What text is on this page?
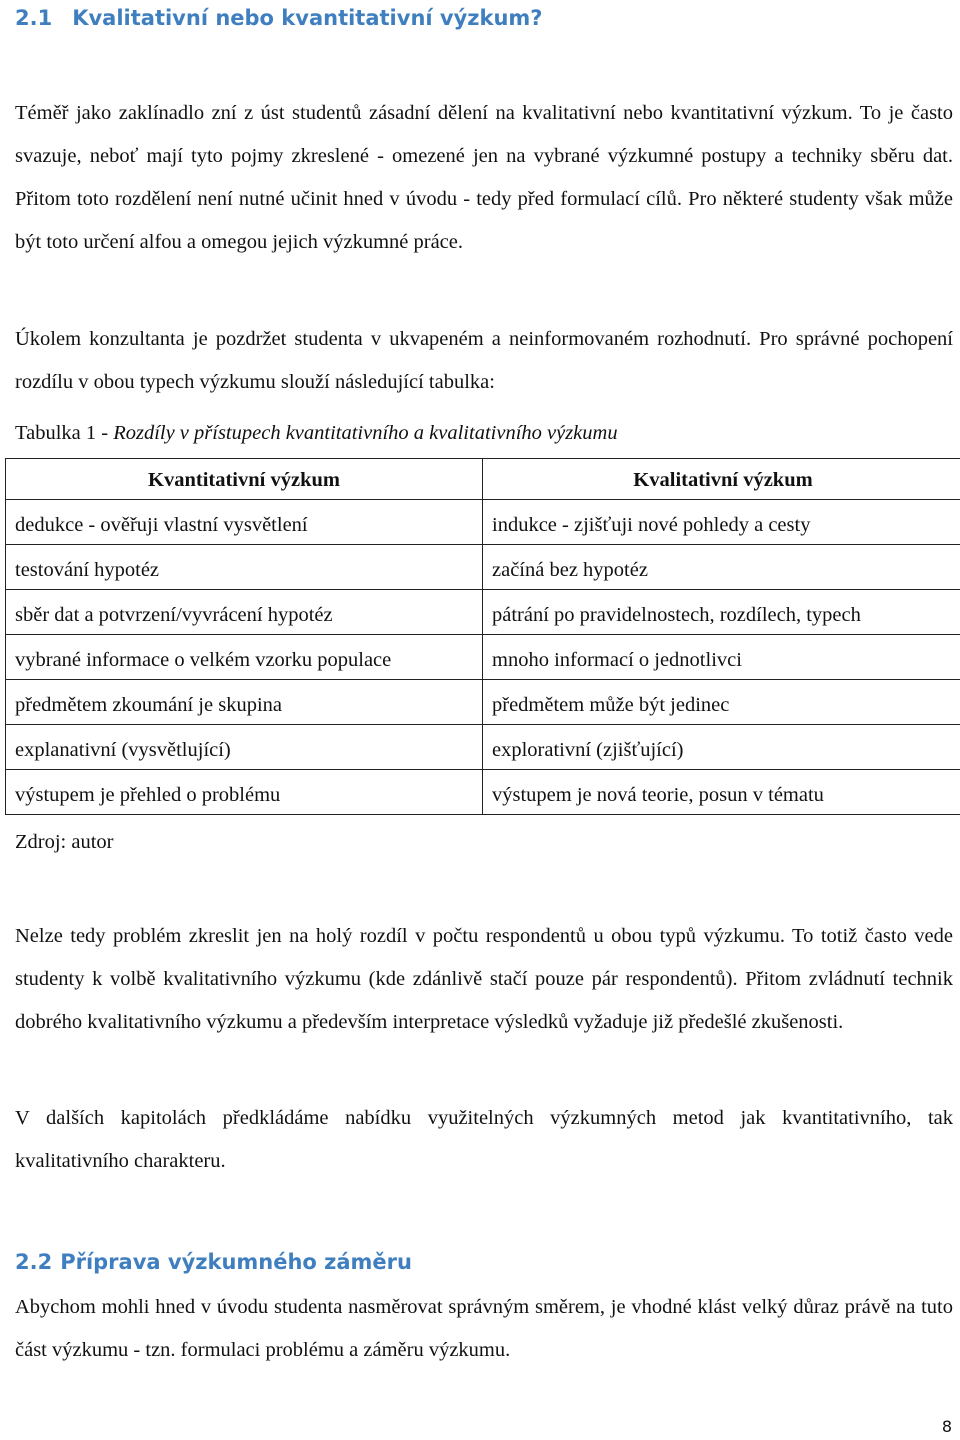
2.1 Kvalitativní nebo kvantitativní výzkum?

Téměř jako zaklínadlo zní z úst studentů zásadní dělení na kvalitativní nebo kvantitativní výzkum. To je často svazuje, neboť mají tyto pojmy zkreslené - omezené jen na vybrané výzkumné postupy a techniky sběru dat. Přitom toto rozdělení není nutné učinit hned v úvodu - tedy před formulací cílů. Pro některé studenty však může být toto určení alfou a omegou jejich výzkumné práce.

Úkolem konzultanta je pozdržet studenta v ukvapeném a neinformovaném rozhodnutí. Pro správné pochopení rozdílu v obou typech výzkumu slouží následující tabulka:

Tabulka 1 - Rozdíly v přístupech kvantitativního a kvalitativního výzkumu
Kvantitativní výzkum	Kvalitativní výzkum
dedukce - ověřuji vlastní vysvětlení	indukce - zjišťuji nové pohledy a cesty
testování hypotéz	začíná bez hypotéz
sběr dat a potvrzení/vyvrácení hypotéz	pátrání po pravidelnostech, rozdílech, typech
vybrané informace o velkém vzorku populace	mnoho informací o jednotlivci
předmětem zkoumání je skupina	předmětem může být jedinec
explanativní (vysvětlující)	explorativní (zjišťující)
výstupem je přehled o problému	výstupem je nová teorie, posun v tématu
Zdroj: autor

Nelze tedy problém zkreslit jen na holý rozdíl v počtu respondentů u obou typů výzkumu. To totiž často vede studenty k volbě kvalitativního výzkumu (kde zdánlivě stačí pouze pár respondentů). Přitom zvládnutí technik dobrého kvalitativního výzkumu a především interpretace výsledků vyžaduje již předešlé zkušenosti.

V dalších kapitolách předkládáme nabídku využitelných výzkumných metod jak kvantitativního, tak kvalitativního charakteru.

2.2 Příprava výzkumného záměru

Abychom mohli hned v úvodu studenta nasměrovat správným směrem, je vhodné klást velký důraz právě na tuto část výzkumu - tzn. formulaci problému a záměru výzkumu.

8
